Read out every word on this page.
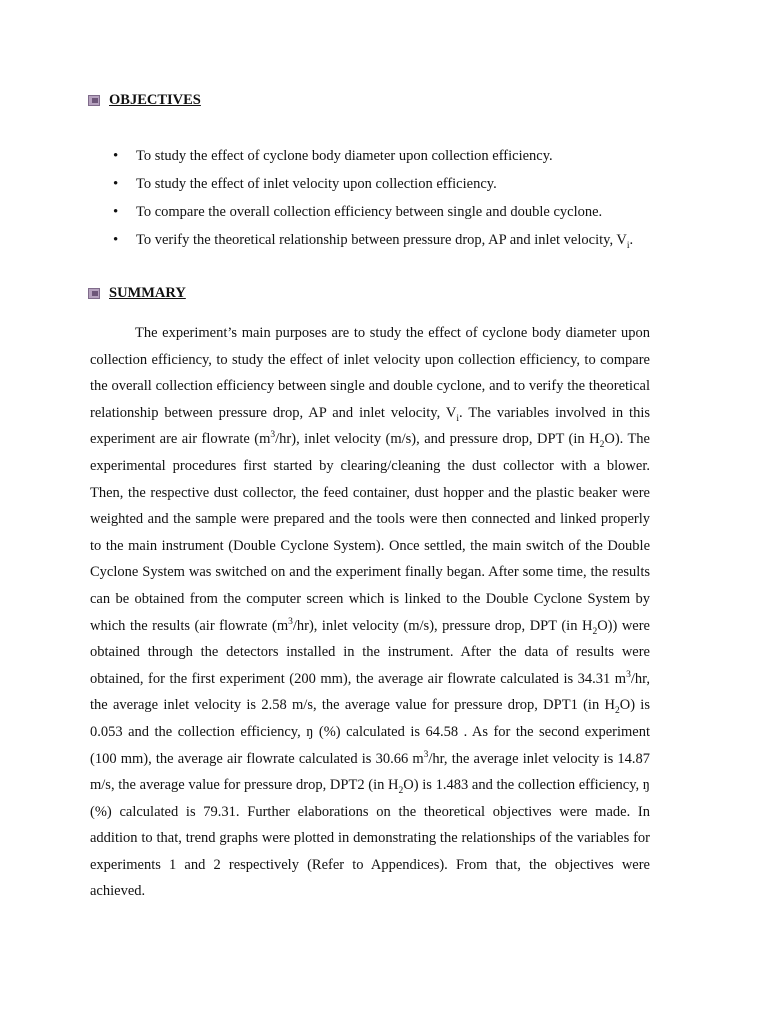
OBJECTIVES
• To study the effect of cyclone body diameter upon collection efficiency.
• To study the effect of inlet velocity upon collection efficiency.
• To compare the overall collection efficiency between single and double cyclone.
• To verify the theoretical relationship between pressure drop, AP and inlet velocity, $V_i$.
SUMMARY

The experiment’s main purposes are to study the effect of cyclone body diameter upon collection efficiency, to study the effect of inlet velocity upon collection efficiency, to compare the overall collection efficiency between single and double cyclone, and to verify the theoretical relationship between pressure drop, AP and inlet velocity, $V_i$. The variables involved in this experiment are air flowrate $(m^3/hr)$, inlet velocity (m/s), and pressure drop, DPT (in $H_2O$). The experimental procedures first started by clearing/cleaning the dust collector with a blower. Then, the respective dust collector, the feed container, dust hopper and the plastic beaker were weighted and the sample were prepared and the tools were then connected and linked properly to the main instrument (Double Cyclone System). Once settled, the main switch of the Double Cyclone System was switched on and the experiment finally began. After some time, the results can be obtained from the computer screen which is linked to the Double Cyclone System by which the results (air flowrate $(m^3/hr)$, inlet velocity (m/s), pressure drop, DPT (in $H_2O$)) were obtained through the detectors installed in the instrument. After the data of results were obtained, for the first experiment (200 mm), the average air flowrate calculated is 34.31 $m^3/hr$, the average inlet velocity is 2.58 m/s, the average value for pressure drop, DPT1 (in $H_2O$) is 0.053 and the collection efficiency, ŋ (%) calculated is 64.58 . As for the second experiment (100 mm), the average air flowrate calculated is 30.66 $m^3/hr$, the average inlet velocity is 14.87 m/s, the average value for pressure drop, DPT2 (in $H_2O$) is 1.483 and the collection efficiency, ŋ (%) calculated is 79.31. Further elaborations on the theoretical objectives were made. In addition to that, trend graphs were plotted in demonstrating the relationships of the variables for experiments 1 and 2 respectively (Refer to Appendices). From that, the objectives were achieved.
